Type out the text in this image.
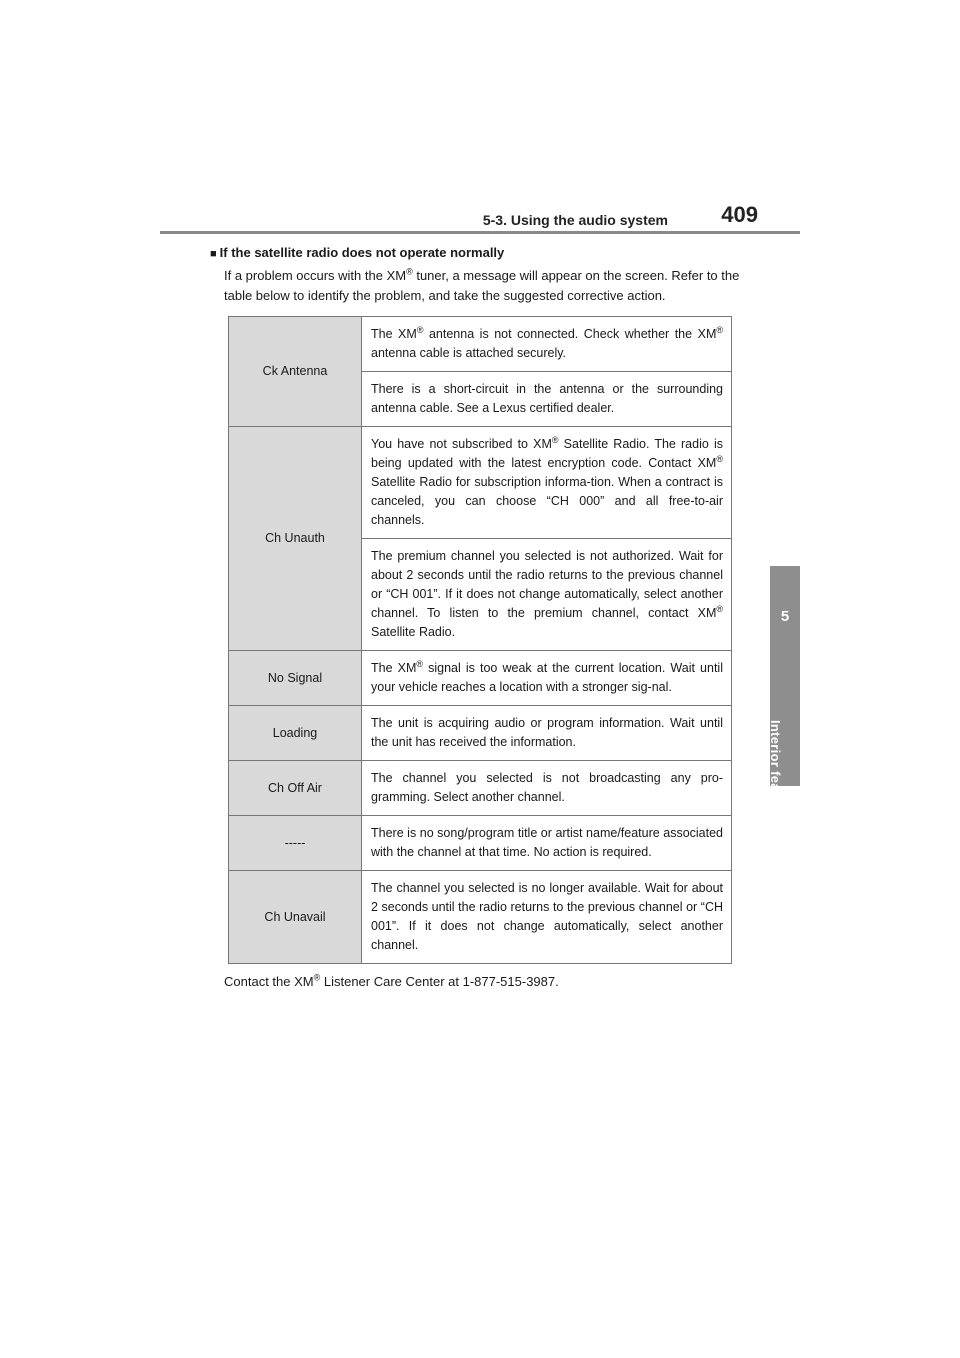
5-3. Using the audio system 409
5
Interior features
■ If the satellite radio does not operate normally
If a problem occurs with the XM® tuner, a message will appear on the screen. Refer to the table below to identify the problem, and take the suggested corrective action.
Ck Antenna	The XM® antenna is not connected. Check whether the XM® antenna cable is attached securely.
	There is a short-circuit in the antenna or the surrounding antenna cable. See a Lexus certified dealer.
Ch Unauth	You have not subscribed to XM® Satellite Radio. The radio is being updated with the latest encryption code. Contact XM® Satellite Radio for subscription informa-tion. When a contract is canceled, you can choose “CH 000” and all free-to-air channels.
	The premium channel you selected is not authorized. Wait for about 2 seconds until the radio returns to the previous channel or “CH 001”. If it does not change automatically, select another channel. To listen to the premium channel, contact XM® Satellite Radio.
No Signal	The XM® signal is too weak at the current location. Wait until your vehicle reaches a location with a stronger sig-nal.
Loading	The unit is acquiring audio or program information. Wait until the unit has received the information.
Ch Off Air	The channel you selected is not broadcasting any pro-gramming. Select another channel.
-----	There is no song/program title or artist name/feature associated with the channel at that time. No action is required.
Ch Unavail	The channel you selected is no longer available. Wait for about 2 seconds until the radio returns to the previous channel or “CH 001”. If it does not change automatically, select another channel.
Contact the XM® Listener Care Center at 1-877-515-3987.
